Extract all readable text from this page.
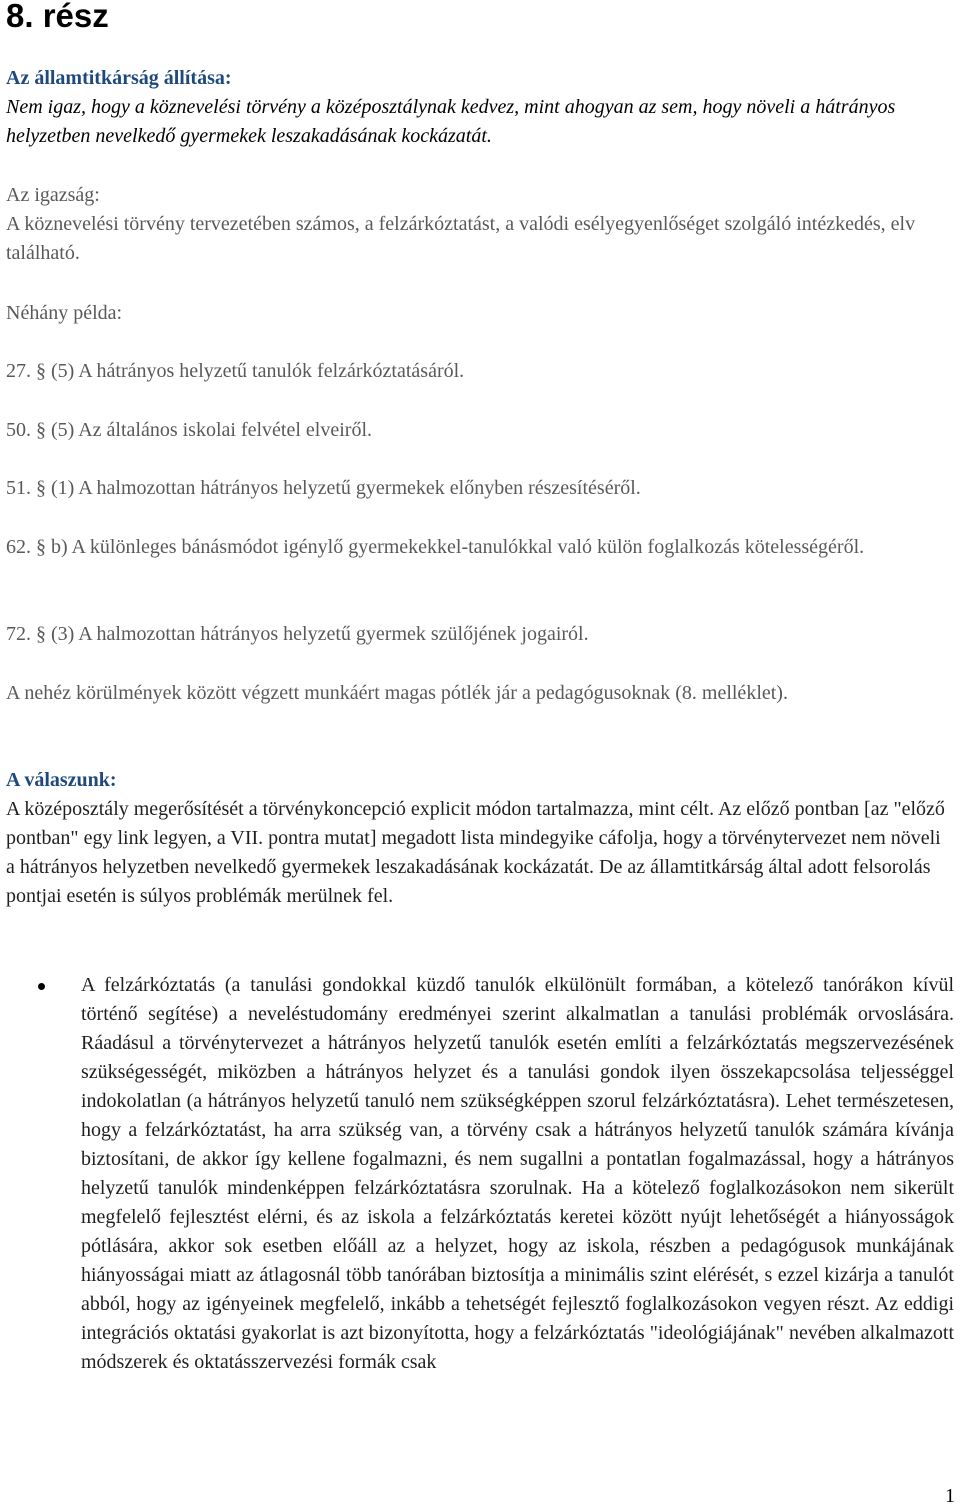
8. rész
Az államtitkárság állítása:
Nem igaz, hogy a köznevelési törvény a középosztálynak kedvez, mint ahogyan az sem, hogy növeli a hátrányos helyzetben nevelkedő gyermekek leszakadásának kockázatát.
Az igazság:
A köznevelési törvény tervezetében számos, a felzárkóztatást, a valódi esélyegyenlőséget szolgáló intézkedés, elv található.
Néhány példa:
27. § (5) A hátrányos helyzetű tanulók felzárkóztatásáról.
50. § (5) Az általános iskolai felvétel elveiről.
51. § (1) A halmozottan hátrányos helyzetű gyermekek előnyben részesítéséről.
62. § b) A különleges bánásmódot igénylő gyermekekkel-tanulókkal való külön foglalkozás kötelességéről.
72. § (3) A halmozottan hátrányos helyzetű gyermek szülőjének jogairól.
A nehéz körülmények között végzett munkáért magas pótlék jár a pedagógusoknak (8. melléklet).
A válaszunk:
A középosztály megerősítését a törvénykoncepció explicit módon tartalmazza, mint célt. Az előző pontban [az "előző pontban" egy link legyen, a VII. pontra mutat] megadott lista mindegyike cáfolja, hogy a törvénytervezet nem növeli a hátrányos helyzetben nevelkedő gyermekek leszakadásának kockázatát. De az államtitkárság által adott felsorolás pontjai esetén is súlyos problémák merülnek fel.
A felzárkóztatás (a tanulási gondokkal küzdő tanulók elkülönült formában, a kötelező tanórákon kívül történő segítése) a neveléstudomány eredményei szerint alkalmatlan a tanulási problémák orvoslására. Ráadásul a törvénytervezet a hátrányos helyzetű tanulók esetén említi a felzárkóztatás megszervezésének szükségességét, miközben a hátrányos helyzet és a tanulási gondok ilyen összekapcsolása teljességgel indokolatlan (a hátrányos helyzetű tanuló nem szükségképpen szorul felzárkóztatásra). Lehet természetesen, hogy a felzárkóztatást, ha arra szükség van, a törvény csak a hátrányos helyzetű tanulók számára kívánja biztosítani, de akkor így kellene fogalmazni, és nem sugallni a pontatlan fogalmazással, hogy a hátrányos helyzetű tanulók mindenképpen felzárkóztatásra szorulnak. Ha a kötelező foglalkozásokon nem sikerült megfelelő fejlesztést elérni, és az iskola a felzárkóztatás keretei között nyújt lehetőségét a hiányosságok pótlására, akkor sok esetben előáll az a helyzet, hogy az iskola, részben a pedagógusok munkájának hiányosságai miatt az átlagosnál több tanórában biztosítja a minimális szint elérését, s ezzel kizárja a tanulót abból, hogy az igényeinek megfelelő, inkább a tehetségét fejlesztő foglalkozásokon vegyen részt. Az eddigi integrációs oktatási gyakorlat is azt bizonyította, hogy a felzárkóztatás "ideológiájának" nevében alkalmazott módszerek és oktatásszervezési formák csak
1
